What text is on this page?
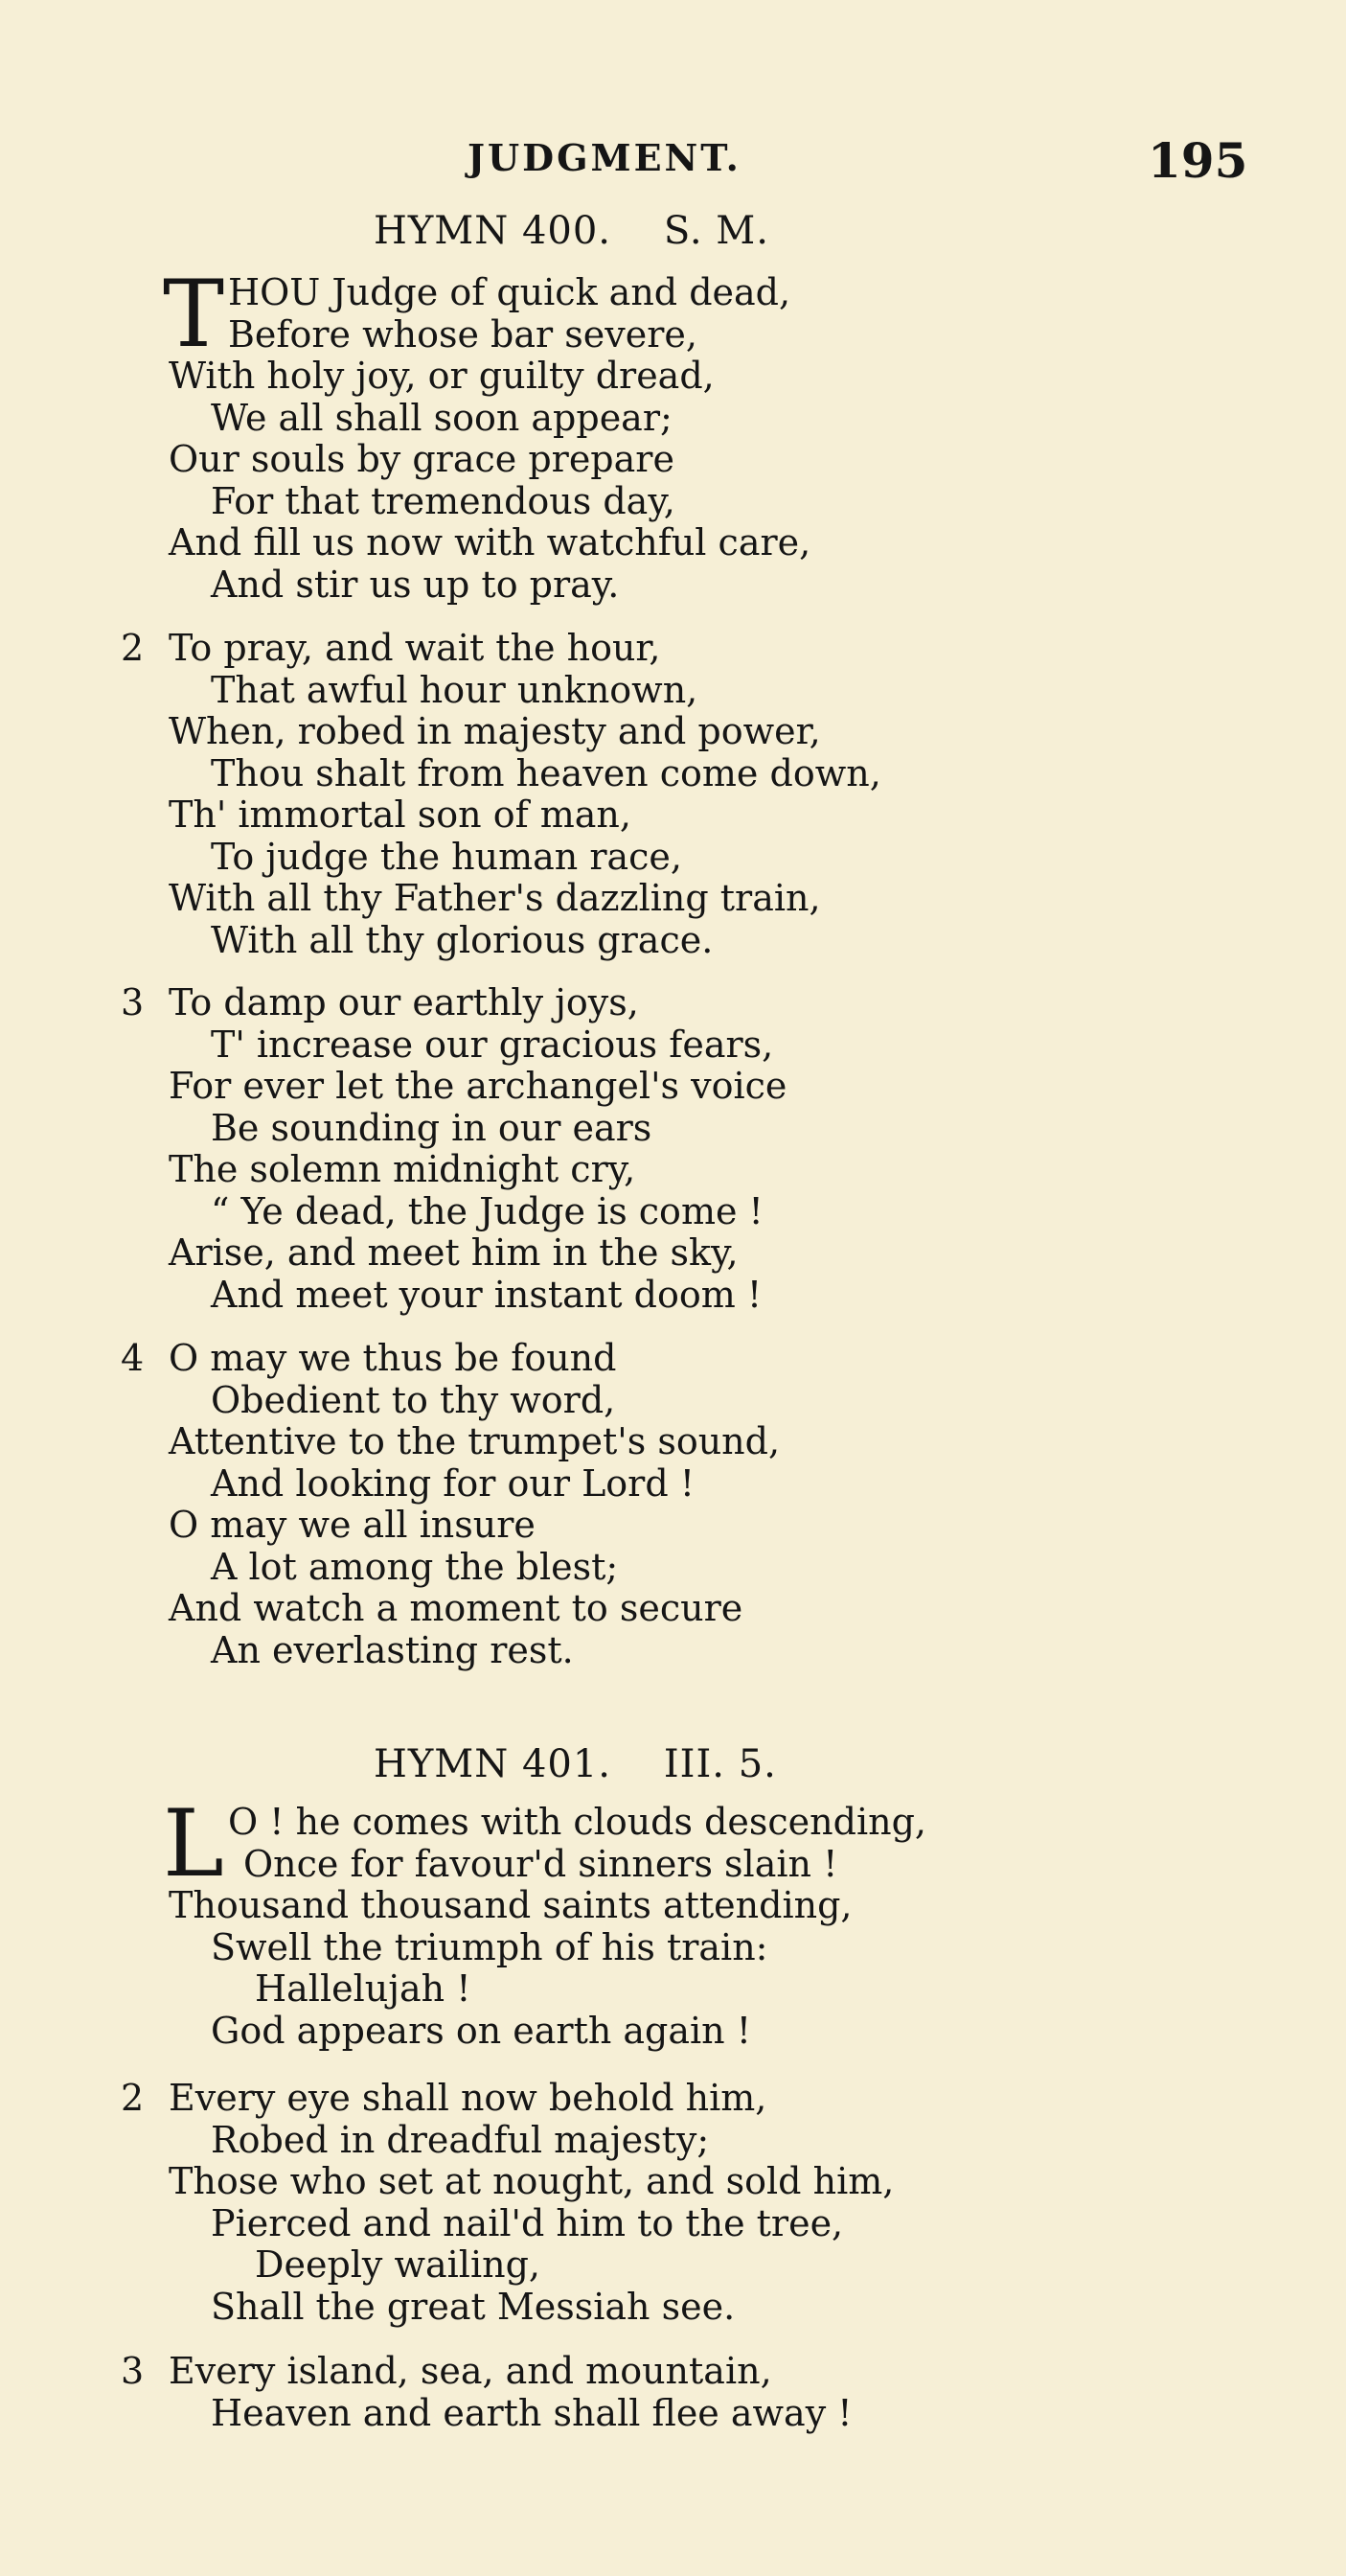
JUDGMENT.	195
HYMN 400.    S. M.
T HOU Judge of quick and dead,
Before whose bar severe,
With holy joy, or guilty dread,
We all shall soon appear;
Our souls by grace prepare
For that tremendous day,
And fill us now with watchful care,
And stir us up to pray.
2 To pray, and wait the hour,
That awful hour unknown,
When, robed in majesty and power,
Thou shalt from heaven come down,
Th' immortal son of man,
To judge the human race,
With all thy Father's dazzling train,
With all thy glorious grace.
3 To damp our earthly joys,
T' increase our gracious fears,
For ever let the archangel's voice
Be sounding in our ears
The solemn midnight cry,
“ Ye dead, the Judge is come !
Arise, and meet him in the sky,
And meet your instant doom !
4 O may we thus be found
Obedient to thy word,
Attentive to the trumpet's sound,
And looking for our Lord !
O may we all insure
A lot among the blest;
And watch a moment to secure
An everlasting rest.
HYMN 401.    III. 5.
L O ! he comes with clouds descending,
Once for favour'd sinners slain !
Thousand thousand saints attending,
Swell the triumph of his train:
Hallelujah !
God appears on earth again !
2 Every eye shall now behold him,
Robed in dreadful majesty;
Those who set at nought, and sold him,
Pierced and nail'd him to the tree,
Deeply wailing,
Shall the great Messiah see.
3 Every island, sea, and mountain,
Heaven and earth shall flee away !
